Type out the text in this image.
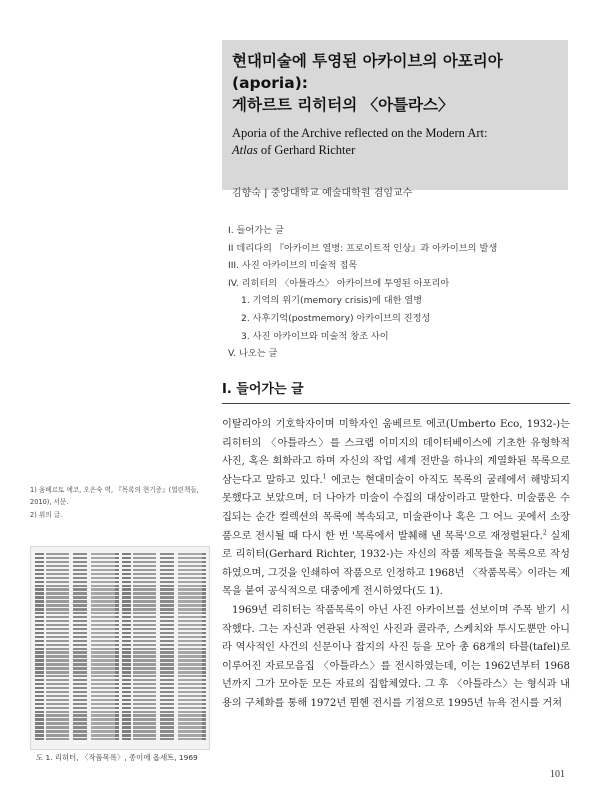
현대미술에 투영된 아카이브의 아포리아(aporia):
게하르트 리히터의 〈아틀라스〉

Aporia of the Archive reflected on the Modern Art:
Atlas of Gerhard Richter

김향숙 | 중앙대학교 예술대학원 겸임교수
I. 들어가는 글
II 데리다의 『아카이브 열병: 프로이트적 인상』과 아카이브의 발생
III. 사진 아카이브의 미술적 접목
IV. 리히터의 〈아틀라스〉 아카이브에 투영된 아포리아
1. 기억의 위기(memory crisis)에 대한 열병
2. 사후기억(postmemory) 아카이브의 진정성
3. 사진 아카이브와 미술적 창조 사이
V. 나오는 글
I. 들어가는 글

이탈리아의 기호학자이며 미학자인 움베르토 에코(Umberto Eco, 1932-)는 리히터의 〈아틀라스〉를 스크랩 이미지의 데이터베이스에 기초한 유형학적 사진, 혹은 회화라고 하며 자신의 작업 세계 전반을 하나의 계열화된 목록으로 삼는다고 말하고 있다.$^1$ 에코는 현대미술이 아직도 목록의 굴레에서 해방되지 못했다고 보았으며, 더 나아가 미술이 수집의 대상이라고 말한다. 미술품은 수집되는 순간 컬렉션의 목록에 복속되고, 미술관이나 혹은 그 어느 곳에서 소장품으로 전시될 때 다시 한 번 '목록에서 발췌해 낸 목록'으로 재정렬된다.$^2$ 실제로 리히터(Gerhard Richter, 1932-)는 자신의 작품 제목들을 목록으로 작성하였으며, 그것을 인쇄하여 작품으로 인정하고 1968년 〈작품목록〉이라는 제목을 붙여 공식적으로 대중에게 전시하였다(도 1).

1969년 리히터는 작품목록이 아닌 사진 아카이브를 선보이며 주목 받기 시작했다. 그는 자신과 연관된 사적인 사진과 콜라주, 스케치와 투시도뿐만 아니라 역사적인 사건의 신문이나 잡지의 사진 등을 모아 총 68개의 타블(tafel)로 이루어진 자료모음집 〈아틀라스〉를 전시하였는데, 이는 1962년부터 1968년까지 그가 모아둔 모든 자료의 집합체였다. 그 후 〈아틀라스〉는 형식과 내용의 구체화를 통해 1972년 뮌헨 전시를 기점으로 1995년 뉴욕 전시를 거쳐

1) 움베르토 에코, 오은숙 역, 『목록의 현기증』(열린책들, 2010), 서문.
2) 위의 글.
도 1. 리히터, 〈작품목록〉, 종이에 옵세트, 1969
101
